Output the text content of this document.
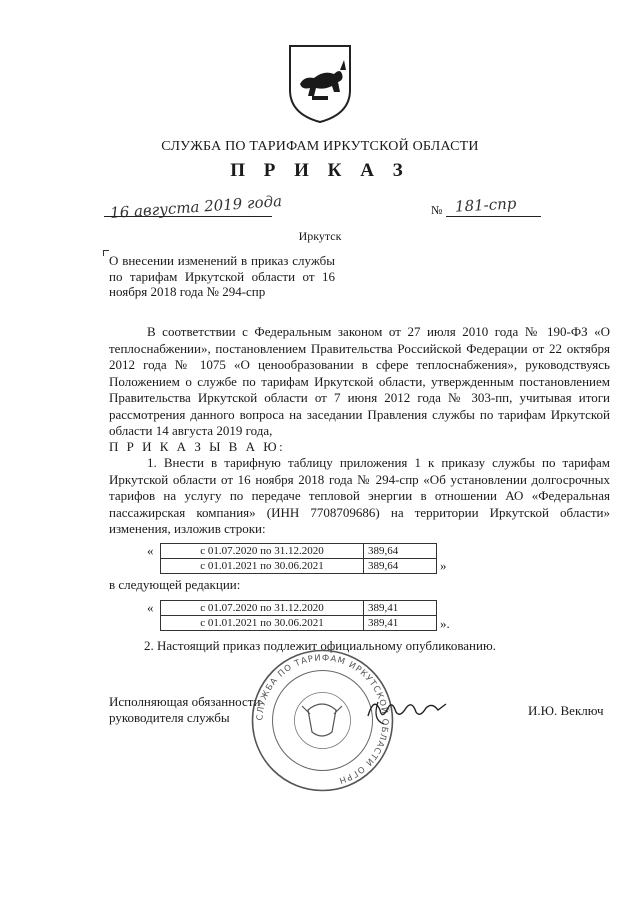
СЛУЖБА ПО ТАРИФАМ ИРКУТСКОЙ ОБЛАСТИ
П Р И К А З
16 августа 2019 года	№ 181-спр
Иркутск
О внесении изменений в приказ службы по тарифам Иркутской области от 16 ноября 2018 года № 294-спр
В соответствии с Федеральным законом от 27 июля 2010 года № 190-ФЗ «О теплоснабжении», постановлением Правительства Российской Федерации от 22 октября 2012 года № 1075 «О ценообразовании в сфере теплоснабжения», руководствуясь Положением о службе по тарифам Иркутской области, утвержденным постановлением Правительства Иркутской области от 7 июня 2012 года № 303-пп, учитывая итоги рассмотрения данного вопроса на заседании Правления службы по тарифам Иркутской области 14 августа 2019 года,
П Р И К А З Ы В А Ю:
1. Внести в тарифную таблицу приложения 1 к приказу службы по тарифам Иркутской области от 16 ноября 2018 года № 294-спр «Об установлении долгосрочных тарифов на услугу по передаче тепловой энергии в отношении АО «Федеральная пассажирская компания» (ИНН 7708709686) на территории Иркутской области» изменения, изложив строки:
«	с 01.07.2020 по 31.12.2020	389,64
с 01.01.2021 по 30.06.2021	389,64	»
в следующей редакции:
«	с 01.07.2020 по 31.12.2020	389,41
с 01.01.2021 по 30.06.2021	389,41	».
2. Настоящий приказ подлежит официальному опубликованию.
СЛУЖБА ПО ТАРИФАМ ИРКУТСКОЙ ОБЛАСТИ ОГРН
Исполняющая обязанности
руководителя службы	И.Ю. Веключ
